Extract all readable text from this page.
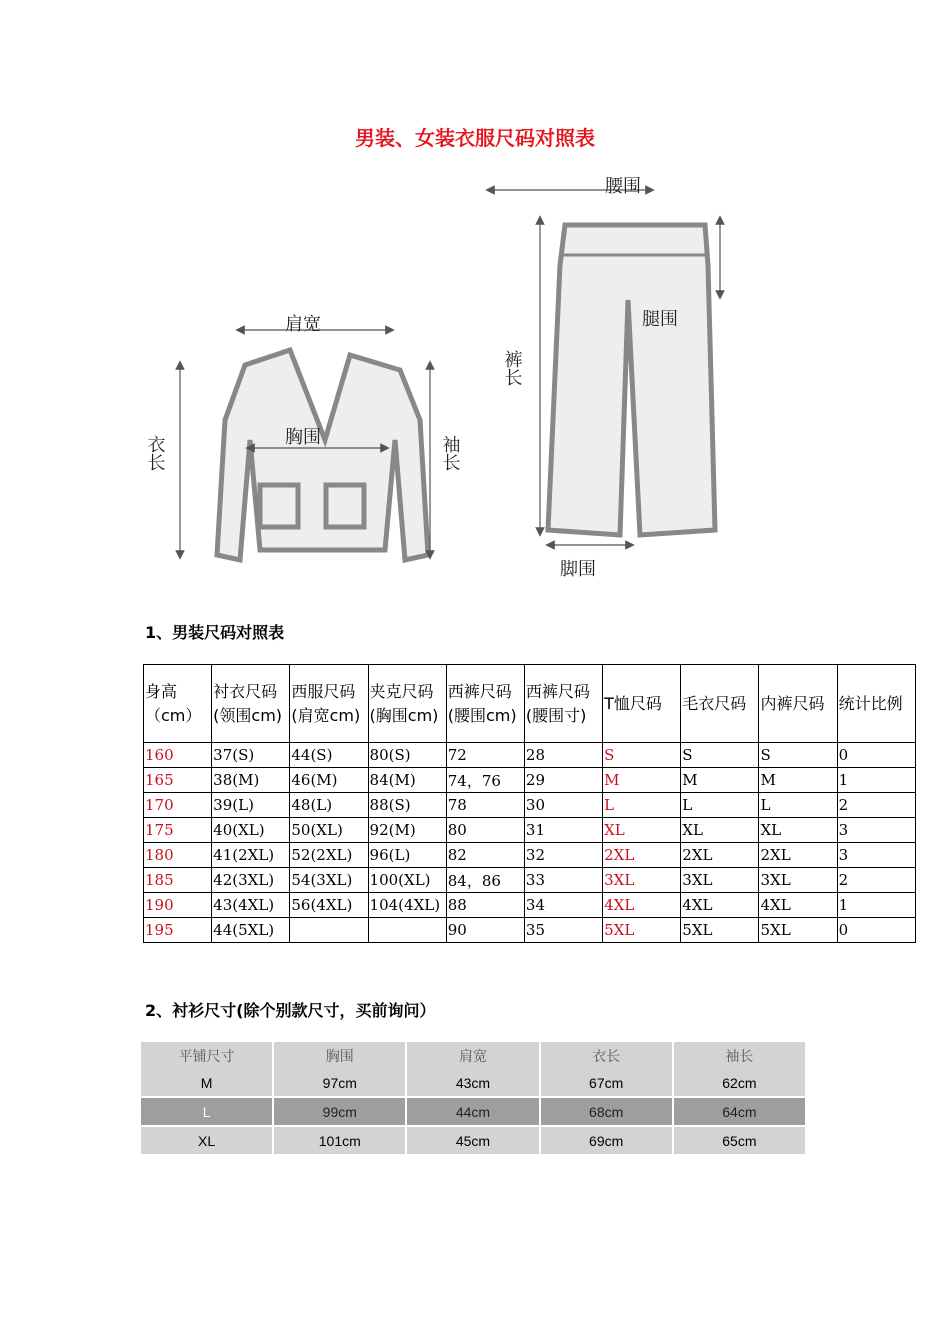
男装、女装衣服尺码对照表
肩宽
胸围
衣长	袖长
腰围
腿围
裤长
脚围
1、男装尺码对照表
身高（cm）	衬衣尺码(领围cm)	西服尺码(肩宽cm)	夹克尺码(胸围cm)	西裤尺码(腰围cm)	西裤尺码(腰围寸)	T恤尺码	毛衣尺码	内裤尺码	统计比例
160	37(S)	44(S)	80(S)	72	28	S	S	S	0
165	38(M)	46(M)	84(M)	74，76	29	M	M	M	1
170	39(L)	48(L)	88(S)	78	30	L	L	L	2
175	40(XL)	50(XL)	92(M)	80	31	XL	XL	XL	3
180	41(2XL)	52(2XL)	96(L)	82	32	2XL	2XL	2XL	3
185	42(3XL)	54(3XL)	100(XL)	84，86	33	3XL	3XL	3XL	2
190	43(4XL)	56(4XL)	104(4XL)	88	34	4XL	4XL	4XL	1
195	44(5XL)			90	35	5XL	5XL	5XL	0
2、衬衫尺寸(除个别款尺寸，买前询问）
平铺尺寸	胸围	肩宽	衣长	袖长
M	97cm	43cm	67cm	62cm
L	99cm	44cm	68cm	64cm
XL	101cm	45cm	69cm	65cm
